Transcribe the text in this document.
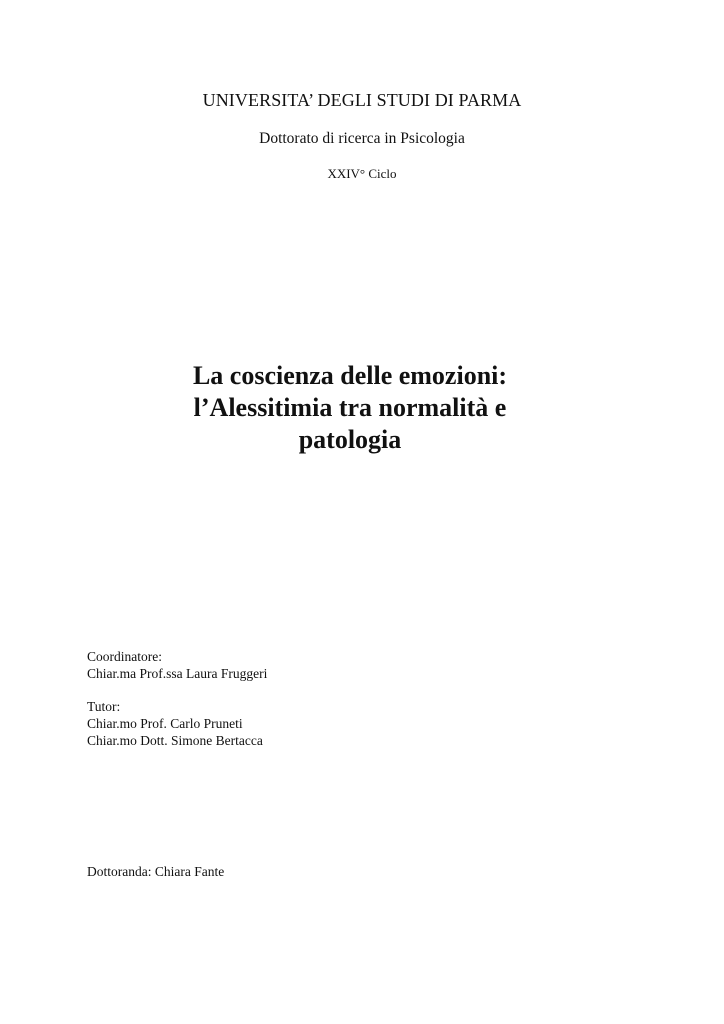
UNIVERSITA’ DEGLI STUDI DI PARMA
Dottorato di ricerca in Psicologia
XXIV° Ciclo
La coscienza delle emozioni:
l’Alessitimia tra normalità e
patologia
Coordinatore:
Chiar.ma Prof.ssa Laura Fruggeri
Tutor:
Chiar.mo Prof. Carlo Pruneti
Chiar.mo Dott. Simone Bertacca
Dottoranda: Chiara Fante
